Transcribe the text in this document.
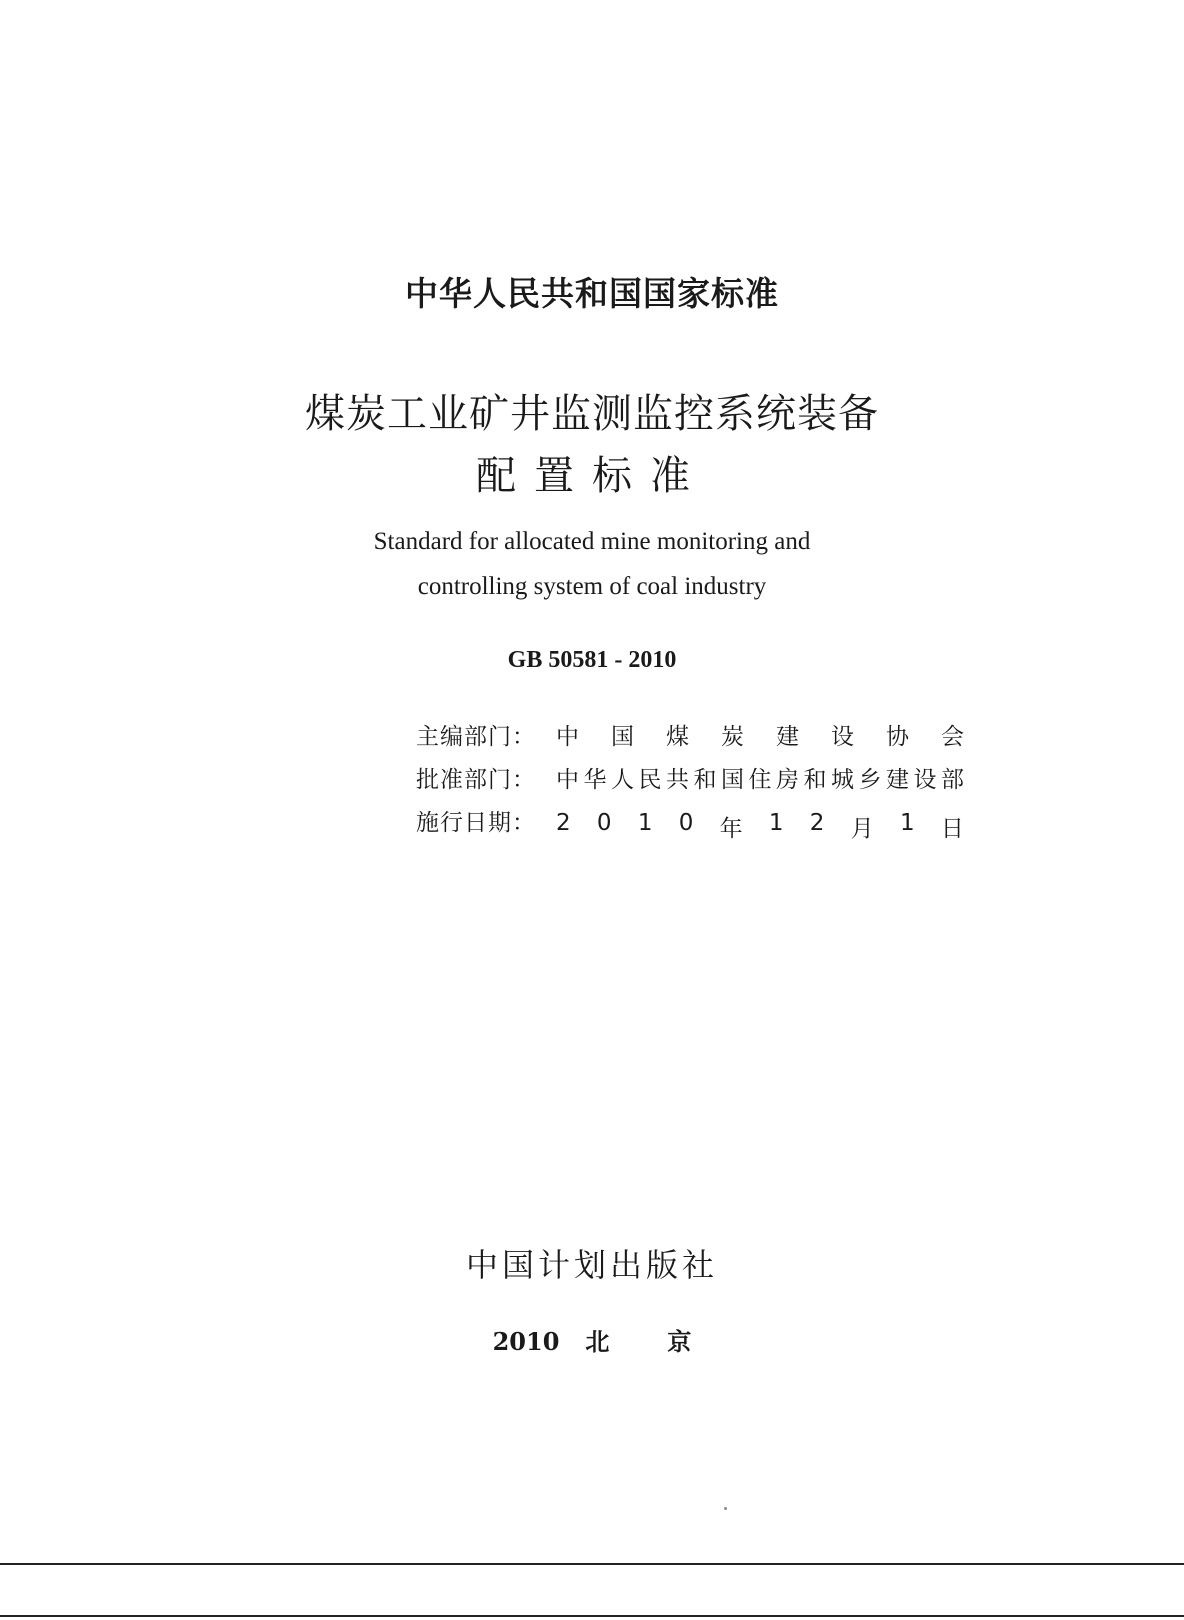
中华人民共和国国家标准
煤炭工业矿井监测监控系统装备
配置标准
Standard for allocated mine monitoring and
controlling system of coal industry
GB 50581 - 2010
主编部门： 中 国 煤 炭 建 设 协 会
批准部门： 中 华 人 民 共 和 国 住 房 和 城 乡 建 设 部
施行日期： 2 0 1 0 年 1 2 月 1 日
中国计划出版社
2010 北 京
